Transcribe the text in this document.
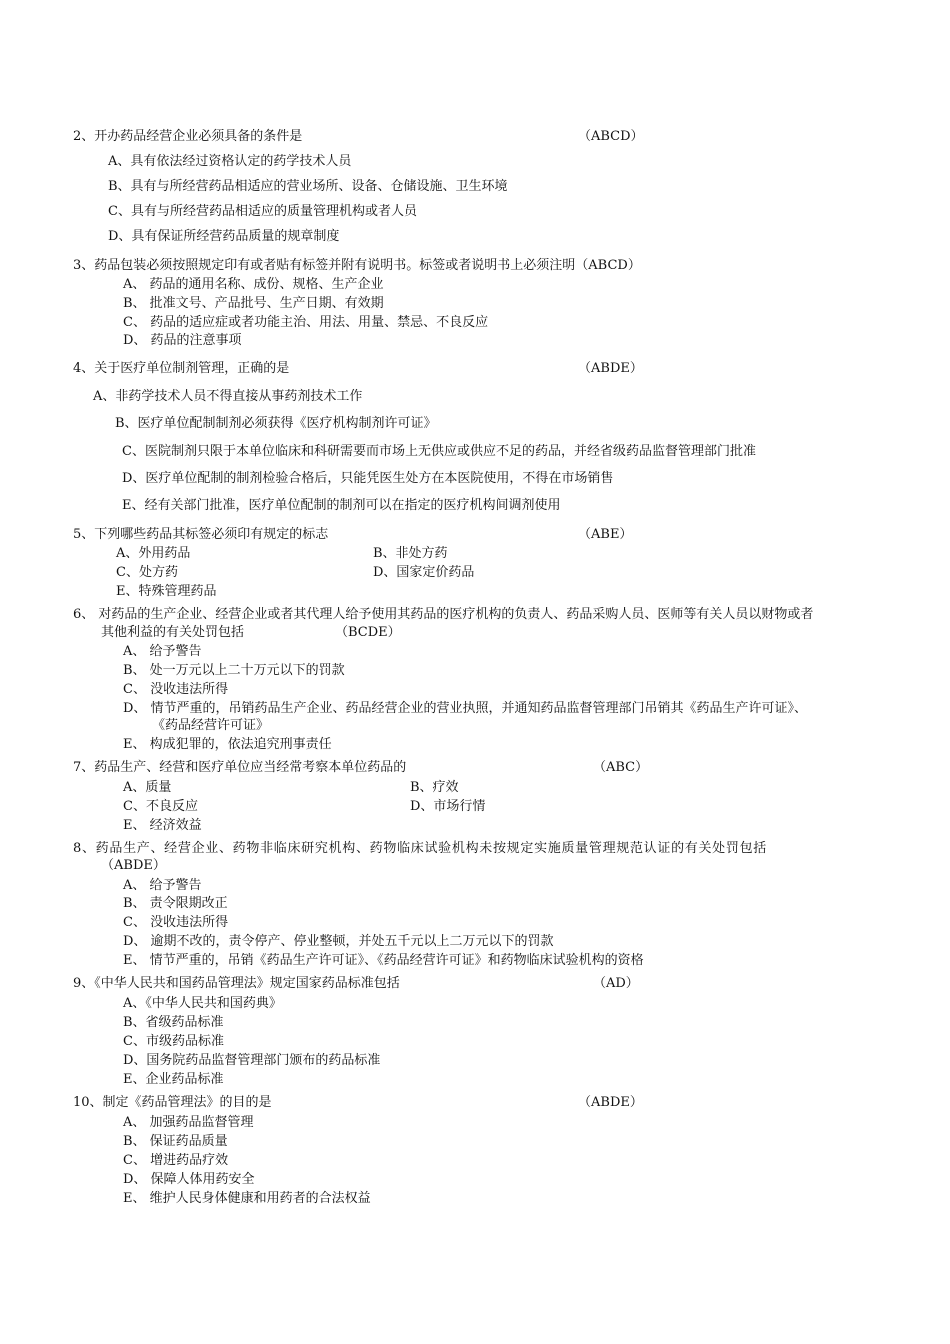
2、开办药品经营企业必须具备的条件是	（ABCD）
A、具有依法经过资格认定的药学技术人员
B、具有与所经营药品相适应的营业场所、设备、仓储设施、卫生环境
C、具有与所经营药品相适应的质量管理机构或者人员
D、具有保证所经营药品质量的规章制度
3、药品包装必须按照规定印有或者贴有标签并附有说明书。标签或者说明书上必须注明（ABCD）
A、 药品的通用名称、成份、规格、生产企业
B、 批准文号、产品批号、生产日期、有效期
C、 药品的适应症或者功能主治、用法、用量、禁忌、不良反应
D、 药品的注意事项
4、关于医疗单位制剂管理，正确的是	（ABDE）
A、非药学技术人员不得直接从事药剂技术工作
B、医疗单位配制制剂必须获得《医疗机构制剂许可证》
C、医院制剂只限于本单位临床和科研需要而市场上无供应或供应不足的药品，并经省级药品监督管理部门批准
D、医疗单位配制的制剂检验合格后，只能凭医生处方在本医院使用，不得在市场销售
E、经有关部门批准，医疗单位配制的制剂可以在指定的医疗机构间调剂使用
5、下列哪些药品其标签必须印有规定的标志	（ABE）
A、外用药品	B、非处方药
C、处方药	D、国家定价药品
E、特殊管理药品
6、 对药品的生产企业、经营企业或者其代理人给予使用其药品的医疗机构的负责人、药品采购人员、医师等有关人员以财物或者
其他利益的有关处罚包括	（BCDE）
A、 给予警告
B、 处一万元以上二十万元以下的罚款
C、 没收违法所得
D、 情节严重的，吊销药品生产企业、药品经营企业的营业执照，并通知药品监督管理部门吊销其《药品生产许可证》、
《药品经营许可证》
E、 构成犯罪的，依法追究刑事责任
7、药品生产、经营和医疗单位应当经常考察本单位药品的	（ABC）
A、质量	B、疗效
C、不良反应	D、市场行情
E、 经济效益
8、药品生产、经营企业、药物非临床研究机构、药物临床试验机构未按规定实施质量管理规范认证的有关处罚包括
（ABDE）
A、 给予警告
B、 责令限期改正
C、 没收违法所得
D、 逾期不改的，责令停产、停业整顿，并处五千元以上二万元以下的罚款
E、 情节严重的，吊销《药品生产许可证》、《药品经营许可证》和药物临床试验机构的资格
9、《中华人民共和国药品管理法》规定国家药品标准包括	（AD）
A、《中华人民共和国药典》
B、省级药品标准
C、市级药品标准
D、国务院药品监督管理部门颁布的药品标准
E、企业药品标准
10、制定《药品管理法》的目的是	（ABDE）
A、 加强药品监督管理
B、 保证药品质量
C、 增进药品疗效
D、 保障人体用药安全
E、 维护人民身体健康和用药者的合法权益
